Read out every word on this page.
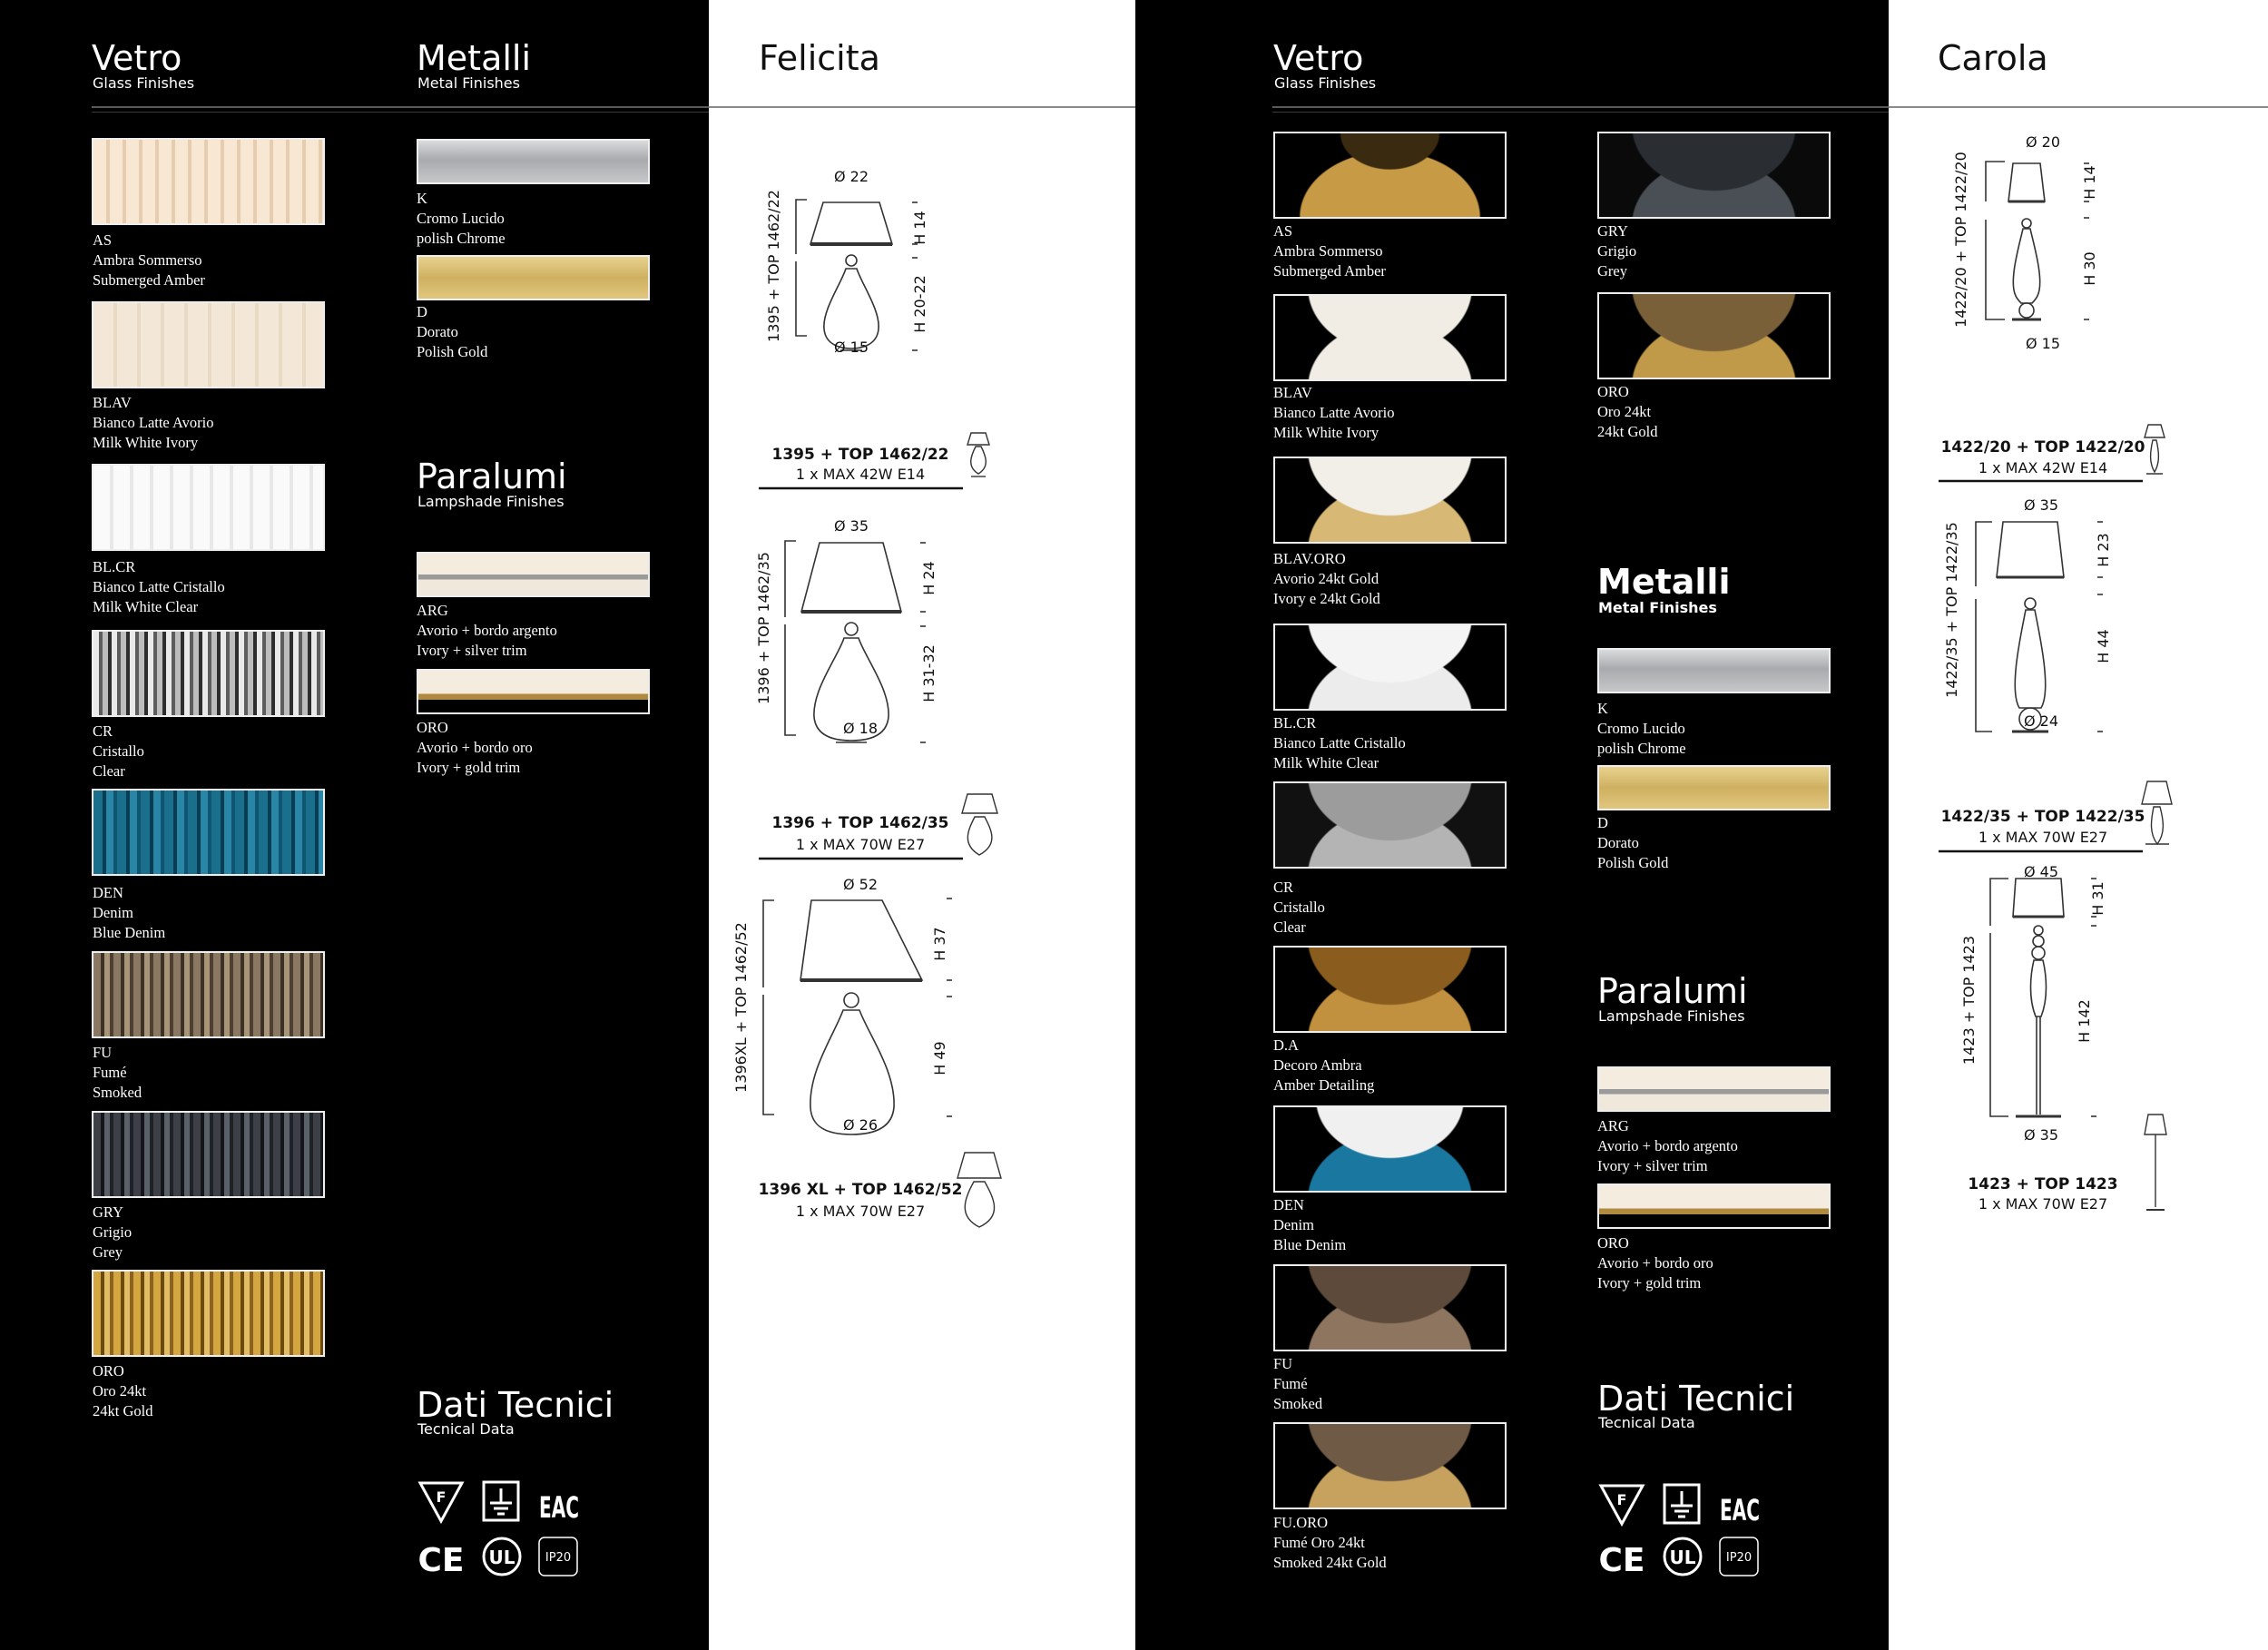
Vetro
Glass Finishes
Metalli
Metal Finishes
Paralumi
Lampshade Finishes
Dati Tecnici
Tecnical Data
AS
Ambra Sommerso
Submerged Amber
BLAV
Bianco Latte Avorio
Milk White Ivory
BL.CR
Bianco Latte Cristallo
Milk White Clear
CR
Cristallo
Clear
DEN
Denim
Blue Denim
FU
Fumé
Smoked
GRY
Grigio
Grey
ORO
Oro 24kt
24kt Gold
K
Cromo Lucido
polish Chrome
D
Dorato
Polish Gold
ARG
Avorio + bordo argento
Ivory + silver trim
ORO
Avorio + bordo oro
Ivory + gold trim
F	EAC
CE UL	IP20
Felicita
Ø 22
H 14
H 20-22
1395 + TOP 1462/22
Ø 15
1395 + TOP 1462/22
1 x MAX 42W E14
Ø 35
H 24
H 31-32
1396 + TOP 1462/35
Ø 18
1396 + TOP 1462/35
1 x MAX 70W E27
Ø 52
H 37
H 49
1396XL + TOP 1462/52
Ø 26
1396 XL + TOP 1462/52
1 x MAX 70W E27
Vetro
Glass Finishes
Metalli
Metal Finishes
Paralumi
Lampshade Finishes
Dati Tecnici
Tecnical Data
AS
Ambra Sommerso
Submerged Amber
BLAV
Bianco Latte Avorio
Milk White Ivory
BLAV.ORO
Avorio 24kt Gold
Ivory e 24kt Gold
BL.CR
Bianco Latte Cristallo
Milk White Clear
CR
Cristallo
Clear
D.A
Decoro Ambra
Amber Detailing
DEN
Denim
Blue Denim
FU
Fumé
Smoked
FU.ORO
Fumé Oro 24kt
Smoked 24kt Gold
GRY
Grigio
Grey
ORO
Oro 24kt
24kt Gold
K
Cromo Lucido
polish Chrome
D
Dorato
Polish Gold
ARG
Avorio + bordo argento
Ivory + silver trim
ORO
Avorio + bordo oro
Ivory + gold trim
F	EAC
CE UL	IP20
Carola
Ø 20
H 14
H 30
1422/20 + TOP 1422/20
Ø 15
1422/20 + TOP 1422/20
1 x MAX 42W E14
Ø 35
H 23
H 44
1422/35 + TOP 1422/35
Ø 24
1422/35 + TOP 1422/35
1 x MAX 70W E27
Ø 45
H 31
H 142
1423 + TOP 1423
Ø 35
1423 + TOP 1423
1 x MAX 70W E27
